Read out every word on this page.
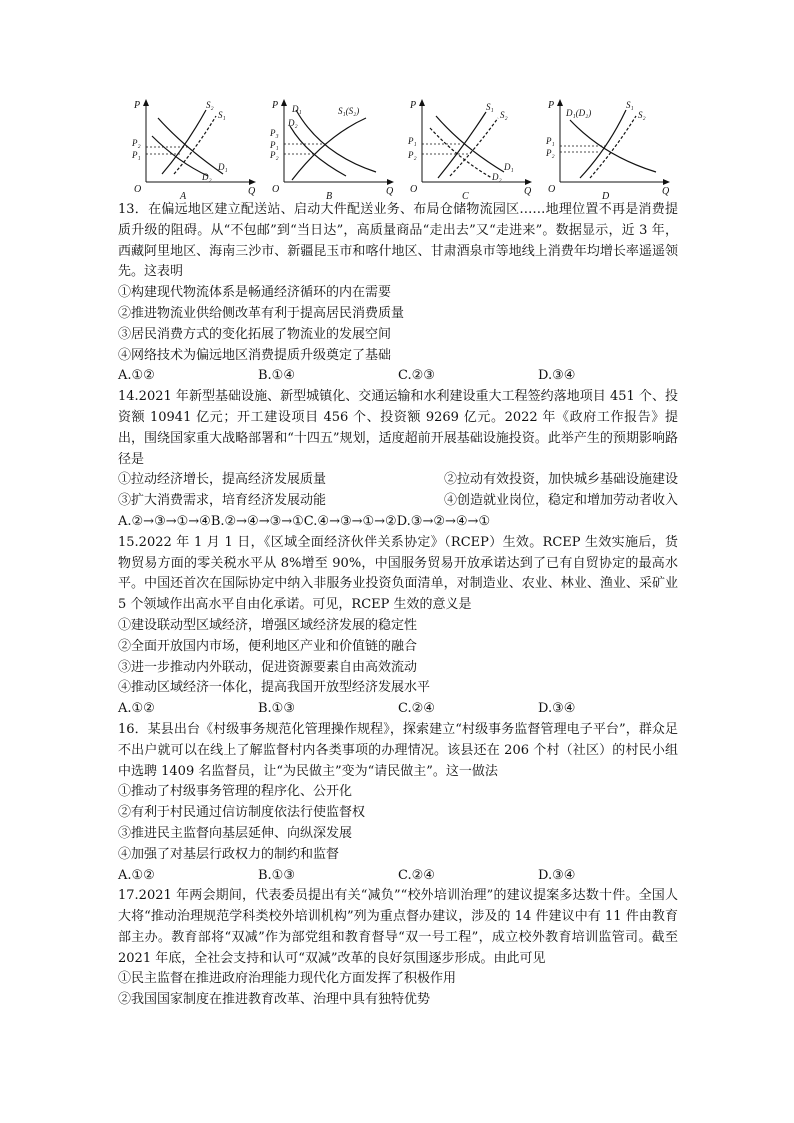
P
O	Q
S₂
S₁
P₂
P₁
D₁
D₂
A
P
O	Q
D₁
D₂
S₁(S₂)
P₃
P₁
P₂
B
P
O	Q
S₁
S₂
P₁
P₂
D₁
D₂
C
P
O	Q
D₁(D₂)
S₁
S₂
P₁
P₂
D

13．在偏远地区建立配送站、启动大件配送业务、布局仓储物流园区……地理位置不再是消费提质升级的阻碍。从“不包邮”到“当日达”，高质量商品“走出去”又“走进来”。数据显示，近 3 年，西藏阿里地区、海南三沙市、新疆昆玉市和喀什地区、甘肃酒泉市等地线上消费年均增长率遥遥领先。这表明

①构建现代物流体系是畅通经济循环的内在需要

②推进物流业供给侧改革有利于提高居民消费质量

③居民消费方式的变化拓展了物流业的发展空间

④网络技术为偏远地区消费提质升级奠定了基础

A.①②	B.①④	C.②③	D.③④

14.2021 年新型基础设施、新型城镇化、交通运输和水利建设重大工程签约落地项目 451 个、投资额 10941 亿元；开工建设项目 456 个、投资额 9269 亿元。2022 年《政府工作报告》提出，围绕国家重大战略部署和“十四五”规划，适度超前开展基础设施投资。此举产生的预期影响路径是

①拉动经济增长，提高经济发展质量	②拉动有效投资，加快城乡基础设施建设
③扩大消费需求，培育经济发展动能	④创造就业岗位，稳定和增加劳动者收入

A.②→③→①→④B.②→④→③→①C.④→③→①→②D.③→②→④→①

15.2022 年 1 月 1 日，《区域全面经济伙伴关系协定》（RCEP）生效。RCEP 生效实施后，货物贸易方面的零关税水平从 8%增至 90%，中国服务贸易开放承诺达到了已有自贸协定的最高水平。中国还首次在国际协定中纳入非服务业投资负面清单，对制造业、农业、林业、渔业、采矿业 5 个领域作出高水平自由化承诺。可见，RCEP 生效的意义是

①建设联动型区域经济，增强区域经济发展的稳定性

②全面开放国内市场，便利地区产业和价值链的融合

③进一步推动内外联动，促进资源要素自由高效流动

④推动区域经济一体化，提高我国开放型经济发展水平

A.①②	B.①③	C.②④	D.③④

16．某县出台《村级事务规范化管理操作规程》，探索建立“村级事务监督管理电子平台”，群众足不出户就可以在线上了解监督村内各类事项的办理情况。该县还在 206 个村（社区）的村民小组中选聘 1409 名监督员，让“为民做主”变为“请民做主”。这一做法

①推动了村级事务管理的程序化、公开化

②有利于村民通过信访制度依法行使监督权

③推进民主监督向基层延伸、向纵深发展

④加强了对基层行政权力的制约和监督

A.①②	B.①③	C.②④	D.③④

17.2021 年两会期间，代表委员提出有关“减负”“校外培训治理”的建议提案多达数十件。全国人大将“推动治理规范学科类校外培训机构”列为重点督办建议，涉及的 14 件建议中有 11 件由教育部主办。教育部将“双减”作为部党组和教育督导“双一号工程”，成立校外教育培训监管司。截至 2021 年底，全社会支持和认可“双减”改革的良好氛围逐步形成。由此可见

①民主监督在推进政府治理能力现代化方面发挥了积极作用

②我国国家制度在推进教育改革、治理中具有独特优势
